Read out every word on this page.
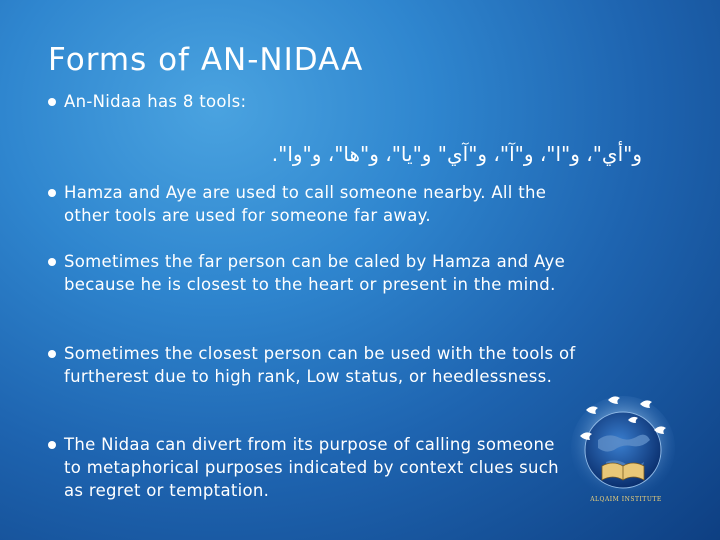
Forms of AN-NIDAA
An-Nidaa has 8 tools:
و"أي"، و"ا"، و"آ"، و"آي" و"يا"، و"ها"، و"وا".
Hamza and Aye are used to call someone nearby. All the other tools are used for someone far away.
Sometimes the far person can be caled by Hamza and Aye because he is closest to the heart or present in the mind.
Sometimes the closest person can be used with the tools of furtherest due to high rank, Low status, or heedlessness.
The Nidaa can divert from its purpose of calling someone to metaphorical purposes indicated by context clues such as regret or temptation.	ALQAIM INSTITUTE
